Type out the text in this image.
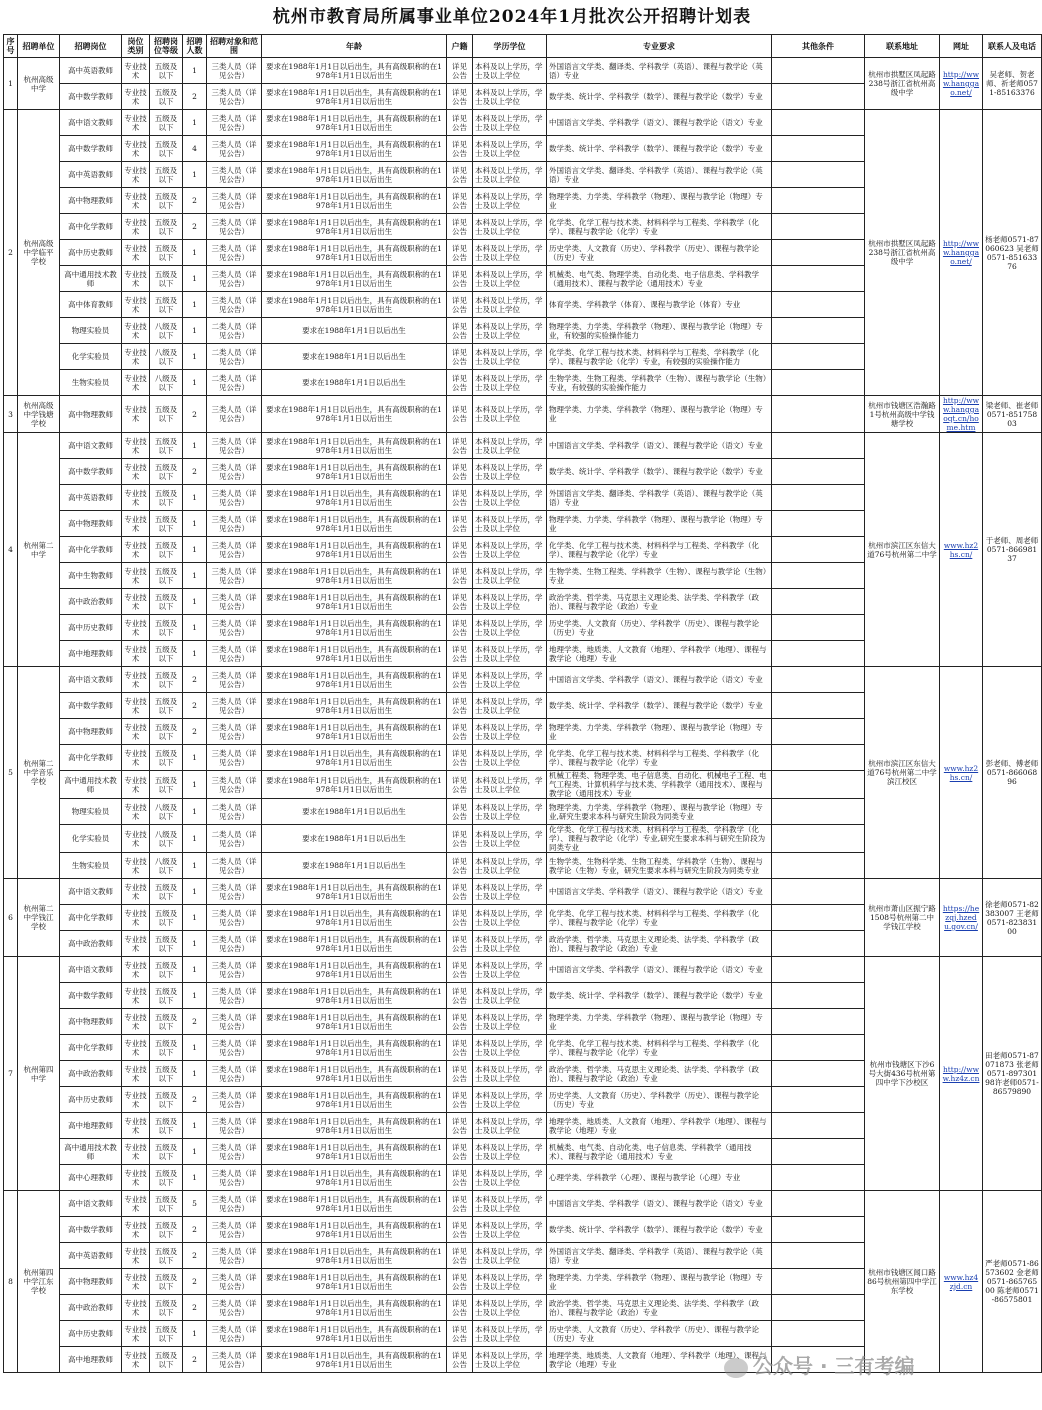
杭州市教育局所属事业单位2024年1月批次公开招聘计划表
序号	招聘单位	招聘岗位	岗位类别	招聘岗位等级	招聘人数	招聘对象和范围	年龄	户籍	学历学位	专业要求	其他条件	联系地址	网址	联系人及电话
1	杭州高级中学	高中英语教师	专业技术	五级及以下	1	三类人员（详见公告）	要求在1988年1月1日以后出生，具有高级职称的在1978年1月1日以后出生	详见公告	本科及以上学历，学士及以上学位	外国语言文学类、翻译类、学科教学（英语）、课程与教学论（英语）专业		杭州市拱墅区凤起路238号浙江省杭州高级中学	http://www.hanggao.net/	吴老师、贺老师、祈老师0571-85163376
		高中数学教师	专业技术	五级及以下	2	三类人员（详见公告）	要求在1988年1月1日以后出生，具有高级职称的在1978年1月1日以后出生	详见公告	本科及以上学历，学士及以上学位	数学类、统计学、学科教学（数学）、课程与教学论（数学）专业				
2	杭州高级中学临平学校	高中语文教师	专业技术	五级及以下	1	三类人员（详见公告）	要求在1988年1月1日以后出生，具有高级职称的在1978年1月1日以后出生	详见公告	本科及以上学历，学士及以上学位	中国语言文学类、学科教学（语文）、课程与教学论（语文）专业		杭州市拱墅区凤起路238号浙江省杭州高级中学	http://www.hanggao.net/	杨老师0571-87060623 吴老师0571-85163376
		高中数学教师	专业技术	五级及以下	4	三类人员（详见公告）	要求在1988年1月1日以后出生，具有高级职称的在1978年1月1日以后出生	详见公告	本科及以上学历，学士及以上学位	数学类、统计学、学科教学（数学）、课程与教学论（数学）专业				
		高中英语教师	专业技术	五级及以下	1	三类人员（详见公告）	要求在1988年1月1日以后出生，具有高级职称的在1978年1月1日以后出生	详见公告	本科及以上学历，学士及以上学位	外国语言文学类、翻译类、学科教学（英语）、课程与教学论（英语）专业				
		高中物理教师	专业技术	五级及以下	2	三类人员（详见公告）	要求在1988年1月1日以后出生，具有高级职称的在1978年1月1日以后出生	详见公告	本科及以上学历，学士及以上学位	物理学类、力学类、学科教学（物理）、课程与教学论（物理）专业				
		高中化学教师	专业技术	五级及以下	2	三类人员（详见公告）	要求在1988年1月1日以后出生，具有高级职称的在1978年1月1日以后出生	详见公告	本科及以上学历，学士及以上学位	化学类、化学工程与技术类、材料科学与工程类、学科教学（化学）、课程与教学论（化学）专业				
		高中历史教师	专业技术	五级及以下	1	三类人员（详见公告）	要求在1988年1月1日以后出生，具有高级职称的在1978年1月1日以后出生	详见公告	本科及以上学历，学士及以上学位	历史学类、人文教育（历史）、学科教学（历史）、课程与教学论（历史）专业				
		高中通用技术教师	专业技术	五级及以下	1	三类人员（详见公告）	要求在1988年1月1日以后出生，具有高级职称的在1978年1月1日以后出生	详见公告	本科及以上学历，学士及以上学位	机械类、电气类、物理学类、自动化类、电子信息类、学科教学（通用技术）、课程与教学论（通用技术）专业				
		高中体育教师	专业技术	五级及以下	1	三类人员（详见公告）	要求在1988年1月1日以后出生，具有高级职称的在1978年1月1日以后出生	详见公告	本科及以上学历，学士及以上学位	体育学类、学科教学（体育）、课程与教学论（体育）专业				
		物理实验员	专业技术	八级及以下	1	二类人员（详见公告）	要求在1988年1月1日以后出生	详见公告	本科及以上学历，学士及以上学位	物理学类、力学类、学科教学（物理）、课程与教学论（物理）专业，有较强的实验操作能力				
		化学实验员	专业技术	八级及以下	1	二类人员（详见公告）	要求在1988年1月1日以后出生	详见公告	本科及以上学历，学士及以上学位	化学类、化学工程与技术类、材料科学与工程类、学科教学（化学）、课程与教学论（化学）专业，有较强的实验操作能力				
		生物实验员	专业技术	八级及以下	1	二类人员（详见公告）	要求在1988年1月1日以后出生	详见公告	本科及以上学历，学士及以上学位	生物学类、生物工程类、学科教学（生物）、课程与教学论（生物）专业，有较强的实验操作能力				
3	杭州高级中学钱塘学校	高中物理教师	专业技术	五级及以下	2	三类人员（详见公告）	要求在1988年1月1日以后出生，具有高级职称的在1978年1月1日以后出生	详见公告	本科及以上学历，学士及以上学位	物理学类、力学类、学科教学（物理）、课程与教学论（物理）专业		杭州市钱塘区浩瀚路1号杭州高级中学钱塘学校	http://www.hanggaoqt.cn/home.htm	梁老师、崔老师0571-85175803
4	杭州第二中学	高中语文教师	专业技术	五级及以下	1	三类人员（详见公告）	要求在1988年1月1日以后出生，具有高级职称的在1978年1月1日以后出生	详见公告	本科及以上学历，学士及以上学位	中国语言文学类、学科教学（语文）、课程与教学论（语文）专业		杭州市滨江区东信大道76号杭州第二中学	www.hz2hs.cn/	于老师、周老师0571-86698137
		高中数学教师	专业技术	五级及以下	2	三类人员（详见公告）	要求在1988年1月1日以后出生，具有高级职称的在1978年1月1日以后出生	详见公告	本科及以上学历，学士及以上学位	数学类、统计学、学科教学（数学）、课程与教学论（数学）专业				
		高中英语教师	专业技术	五级及以下	1	三类人员（详见公告）	要求在1988年1月1日以后出生，具有高级职称的在1978年1月1日以后出生	详见公告	本科及以上学历，学士及以上学位	外国语言文学类、翻译类、学科教学（英语）、课程与教学论（英语）专业				
		高中物理教师	专业技术	五级及以下	1	三类人员（详见公告）	要求在1988年1月1日以后出生，具有高级职称的在1978年1月1日以后出生	详见公告	本科及以上学历，学士及以上学位	物理学类、力学类、学科教学（物理）、课程与教学论（物理）专业				
		高中化学教师	专业技术	五级及以下	1	三类人员（详见公告）	要求在1988年1月1日以后出生，具有高级职称的在1978年1月1日以后出生	详见公告	本科及以上学历，学士及以上学位	化学类、化学工程与技术类、材料科学与工程类、学科教学（化学）、课程与教学论（化学）专业				
		高中生物教师	专业技术	五级及以下	1	三类人员（详见公告）	要求在1988年1月1日以后出生，具有高级职称的在1978年1月1日以后出生	详见公告	本科及以上学历，学士及以上学位	生物学类、生物工程类、学科教学（生物）、课程与教学论（生物）专业				
		高中政治教师	专业技术	五级及以下	1	三类人员（详见公告）	要求在1988年1月1日以后出生，具有高级职称的在1978年1月1日以后出生	详见公告	本科及以上学历，学士及以上学位	政治学类、哲学类、马克思主义理论类、法学类、学科教学（政治）、课程与教学论（政治）专业				
		高中历史教师	专业技术	五级及以下	1	三类人员（详见公告）	要求在1988年1月1日以后出生，具有高级职称的在1978年1月1日以后出生	详见公告	本科及以上学历，学士及以上学位	历史学类、人文教育（历史）、学科教学（历史）、课程与教学论（历史）专业				
		高中地理教师	专业技术	五级及以下	1	三类人员（详见公告）	要求在1988年1月1日以后出生，具有高级职称的在1978年1月1日以后出生	详见公告	本科及以上学历，学士及以上学位	地理学类、地质类、人文教育（地理）、学科教学（地理）、课程与教学论（地理）专业				
5	杭州第二中学音乐学校	高中语文教师	专业技术	五级及以下	2	三类人员（详见公告）	要求在1988年1月1日以后出生，具有高级职称的在1978年1月1日以后出生	详见公告	本科及以上学历，学士及以上学位	中国语言文学类、学科教学（语文）、课程与教学论（语文）专业		杭州市滨江区东信大道76号杭州第二中学滨江校区	www.hz2hs.cn/	彭老师、傅老师0571-86606896
		高中数学教师	专业技术	五级及以下	2	三类人员（详见公告）	要求在1988年1月1日以后出生，具有高级职称的在1978年1月1日以后出生	详见公告	本科及以上学历，学士及以上学位	数学类、统计学、学科教学（数学）、课程与教学论（数学）专业				
		高中物理教师	专业技术	五级及以下	2	三类人员（详见公告）	要求在1988年1月1日以后出生，具有高级职称的在1978年1月1日以后出生	详见公告	本科及以上学历，学士及以上学位	物理学类、力学类、学科教学（物理）、课程与教学论（物理）专业				
		高中化学教师	专业技术	五级及以下	1	三类人员（详见公告）	要求在1988年1月1日以后出生，具有高级职称的在1978年1月1日以后出生	详见公告	本科及以上学历，学士及以上学位	化学类、化学工程与技术类、材料科学与工程类、学科教学（化学）、课程与教学论（化学）专业				
		高中通用技术教师	专业技术	五级及以下	1	三类人员（详见公告）	要求在1988年1月1日以后出生，具有高级职称的在1978年1月1日以后出生	详见公告	本科及以上学历，学士及以上学位	机械工程类、物理学类、电子信息类、自动化、机械电子工程、电气工程类、计算机科学与技术类、学科教学（通用技术）、课程与教学论（通用技术）专业				
		物理实验员	专业技术	八级及以下	1	二类人员（详见公告）	要求在1988年1月1日以后出生	详见公告	本科及以上学历，学士及以上学位	物理学类、力学类、学科教学（物理）、课程与教学论（物理）专业,研究生要求本科与研究生阶段为同类专业				
		化学实验员	专业技术	八级及以下	1	二类人员（详见公告）	要求在1988年1月1日以后出生	详见公告	本科及以上学历，学士及以上学位	化学类、化学工程与技术类、材料科学与工程类、学科教学（化学）、课程与教学论（化学）专业,研究生要求本科与研究生阶段为同类专业				
		生物实验员	专业技术	八级及以下	1	二类人员（详见公告）	要求在1988年1月1日以后出生	详见公告	本科及以上学历，学士及以上学位	生物学类、生物科学类、生物工程类、学科教学（生物）、课程与教学论（生物）专业，研究生要求本科与研究生阶段为同类专业				
6	杭州第二中学钱江学校	高中语文教师	专业技术	五级及以下	1	三类人员（详见公告）	要求在1988年1月1日以后出生，具有高级职称的在1978年1月1日以后出生	详见公告	本科及以上学历，学士及以上学位	中国语言文学类、学科教学（语文）、课程与教学论（语文）专业		杭州市萧山区振宁路1508号杭州第二中学钱江学校	https://hezqj.hzedu.gov.cn/	徐老师0571-82383007 王老师0571-82383100
		高中化学教师	专业技术	五级及以下	1	三类人员（详见公告）	要求在1988年1月1日以后出生，具有高级职称的在1978年1月1日以后出生	详见公告	本科及以上学历，学士及以上学位	化学类、化学工程与技术类、材料科学与工程类、学科教学（化学）、课程与教学论（化学）专业				
		高中政治教师	专业技术	五级及以下	1	三类人员（详见公告）	要求在1988年1月1日以后出生，具有高级职称的在1978年1月1日以后出生	详见公告	本科及以上学历，学士及以上学位	政治学类、哲学类、马克思主义理论类、法学类、学科教学（政治）、课程与教学论（政治）专业				
7	杭州第四中学	高中语文教师	专业技术	五级及以下	1	三类人员（详见公告）	要求在1988年1月1日以后出生，具有高级职称的在1978年1月1日以后出生	详见公告	本科及以上学历，学士及以上学位	中国语言文学类、学科教学（语文）、课程与教学论（语文）专业		杭州市钱塘区下沙6号大街436号杭州第四中学下沙校区	http://www.hz4z.cn	田老师0571-87071873 张老师0571-89730198许老师0571-86579890
		高中数学教师	专业技术	五级及以下	1	三类人员（详见公告）	要求在1988年1月1日以后出生，具有高级职称的在1978年1月1日以后出生	详见公告	本科及以上学历，学士及以上学位	数学类、统计学、学科教学（数学）、课程与教学论（数学）专业				
		高中物理教师	专业技术	五级及以下	2	三类人员（详见公告）	要求在1988年1月1日以后出生，具有高级职称的在1978年1月1日以后出生	详见公告	本科及以上学历，学士及以上学位	物理学类、力学类、学科教学（物理）、课程与教学论（物理）专业				
		高中化学教师	专业技术	五级及以下	1	三类人员（详见公告）	要求在1988年1月1日以后出生，具有高级职称的在1978年1月1日以后出生	详见公告	本科及以上学历，学士及以上学位	化学类、化学工程与技术类、材料科学与工程类、学科教学（化学）、课程与教学论（化学）专业				
		高中政治教师	专业技术	五级及以下	1	三类人员（详见公告）	要求在1988年1月1日以后出生，具有高级职称的在1978年1月1日以后出生	详见公告	本科及以上学历，学士及以上学位	政治学类、哲学类、马克思主义理论类、法学类、学科教学（政治）、课程与教学论（政治）专业				
		高中历史教师	专业技术	五级及以下	2	三类人员（详见公告）	要求在1988年1月1日以后出生，具有高级职称的在1978年1月1日以后出生	详见公告	本科及以上学历，学士及以上学位	历史学类、人文教育（历史）、学科教学（历史）、课程与教学论（历史）专业				
		高中地理教师	专业技术	五级及以下	1	三类人员（详见公告）	要求在1988年1月1日以后出生，具有高级职称的在1978年1月1日以后出生	详见公告	本科及以上学历，学士及以上学位	地理学类、地质类、人文教育（地理）、学科教学（地理）、课程与教学论（地理）专业				
		高中通用技术教师	专业技术	五级及以下	1	三类人员（详见公告）	要求在1988年1月1日以后出生，具有高级职称的在1978年1月1日以后出生	详见公告	本科及以上学历，学士及以上学位	机械类、电气类、自动化类、电子信息类、学科教学（通用技术）、课程与教学论（通用技术）专业				
		高中心理教师	专业技术	五级及以下	1	三类人员（详见公告）	要求在1988年1月1日以后出生，具有高级职称的在1978年1月1日以后出生	详见公告	本科及以上学历，学士及以上学位	心理学类、学科教学（心理）、课程与教学论（心理）专业				
8	杭州第四中学江东学校	高中语文教师	专业技术	五级及以下	5	三类人员（详见公告）	要求在1988年1月1日以后出生，具有高级职称的在1978年1月1日以后出生	详见公告	本科及以上学历，学士及以上学位	中国语言文学类、学科教学（语文）、课程与教学论（语文）专业		杭州市钱塘区闻口路86号杭州第四中学江东学校	www.hz4zjd.cn	严老师0571-86573602 金老师0571-86576500 陈老师0571-86575801
		高中数学教师	专业技术	五级及以下	2	三类人员（详见公告）	要求在1988年1月1日以后出生，具有高级职称的在1978年1月1日以后出生	详见公告	本科及以上学历，学士及以上学位	数学类、统计学、学科教学（数学）、课程与教学论（数学）专业				
		高中英语教师	专业技术	五级及以下	2	三类人员（详见公告）	要求在1988年1月1日以后出生，具有高级职称的在1978年1月1日以后出生	详见公告	本科及以上学历，学士及以上学位	外国语言文学类、翻译类、学科教学（英语）、课程与教学论（英语）专业				
		高中物理教师	专业技术	五级及以下	2	三类人员（详见公告）	要求在1988年1月1日以后出生，具有高级职称的在1978年1月1日以后出生	详见公告	本科及以上学历，学士及以上学位	物理学类、力学类、学科教学（物理）、课程与教学论（物理）专业				
		高中政治教师	专业技术	五级及以下	2	三类人员（详见公告）	要求在1988年1月1日以后出生，具有高级职称的在1978年1月1日以后出生	详见公告	本科及以上学历，学士及以上学位	政治学类、哲学类、马克思主义理论类、法学类、学科教学（政治）、课程与教学论（政治）专业				
		高中历史教师	专业技术	五级及以下	1	三类人员（详见公告）	要求在1988年1月1日以后出生，具有高级职称的在1978年1月1日以后出生	详见公告	本科及以上学历，学士及以上学位	历史学类、人文教育（历史）、学科教学（历史）、课程与教学论（历史）专业				
		高中地理教师	专业技术	五级及以下	2	三类人员（详见公告）	要求在1988年1月1日以后出生，具有高级职称的在1978年1月1日以后出生	详见公告	本科及以上学历，学士及以上学位	地理学类、地质类、人文教育（地理）、学科教学（地理）、课程与教学论（地理）专业					公众号 · 三有考编
